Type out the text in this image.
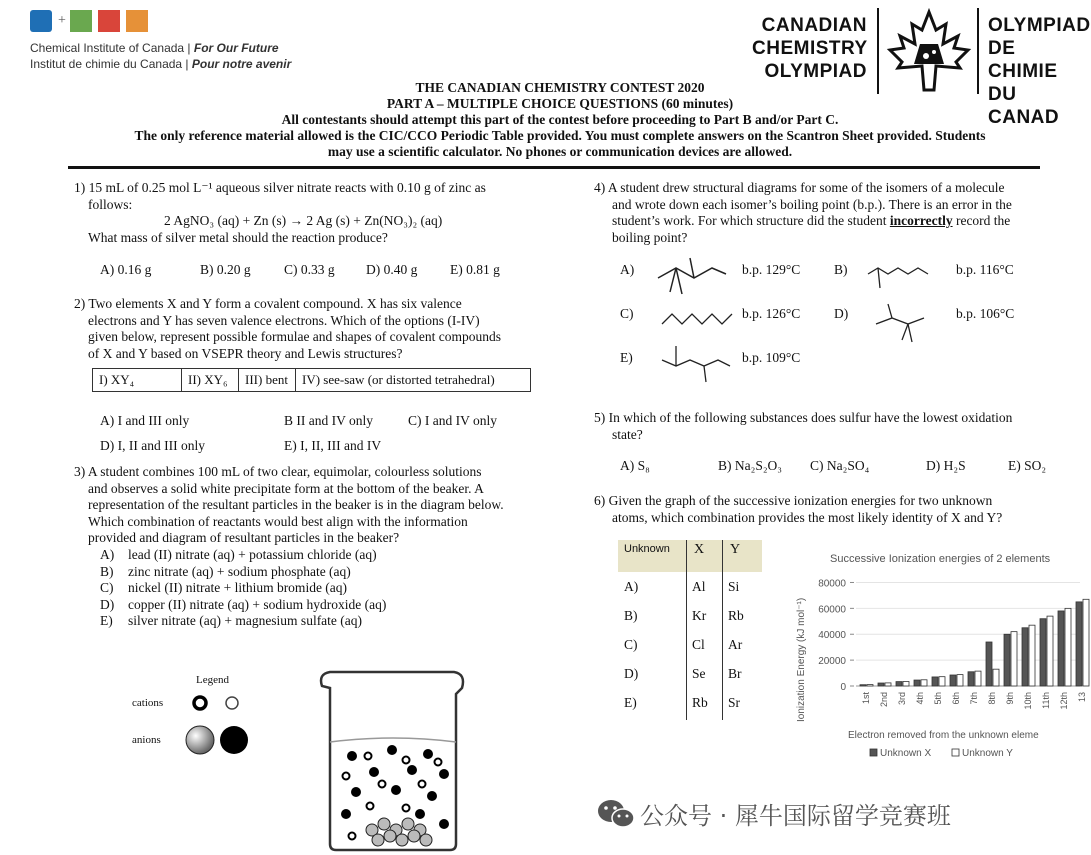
+
Chemical Institute of Canada | For Our Future
Institut de chimie du Canada | Pour notre avenir
CANADIAN
CHEMISTRY
OLYMPIAD
OLYMPIAD
DE CHIMIE
DU CANAD
THE CANADIAN CHEMISTRY CONTEST 2020
PART A – MULTIPLE CHOICE QUESTIONS (60 minutes)
All contestants should attempt this part of the contest before proceeding to Part B and/or Part C.
The only reference material allowed is the CIC/CCO Periodic Table provided. You must complete answers on the Scantron Sheet provided. Students
may use a scientific calculator. No phones or communication devices are allowed.
1) 15 mL of 0.25 mol L⁻¹ aqueous silver nitrate reacts with 0.10 g of zinc as
follows:
2 AgNO₃ (aq) + Zn (s) → 2 Ag (s) + Zn(NO₃)₂ (aq)
What mass of silver metal should the reaction produce?
A) 0.16 g	B) 0.20 g C) 0.33 g D) 0.40 g E) 0.81 g
2) Two elements X and Y form a covalent compound. X has six valence
electrons and Y has seven valence electrons. Which of the options (I-IV)
given below, represent possible formulae and shapes of covalent compounds
of X and Y based on VSEPR theory and Lewis structures?
I) XY₄	II) XY₆	III) bent	IV) see-saw (or distorted tetrahedral)
A) I and III only	B II and IV only	C) I and IV only
D) I, II and III only	E) I, II, III and IV
3) A student combines 100 mL of two clear, equimolar, colourless solutions
and observes a solid white precipitate form at the bottom of the beaker. A
representation of the resultant particles in the beaker is in the diagram below.
Which combination of reactants would best align with the information
provided and diagram of resultant particles in the beaker?
A) lead (II) nitrate (aq) + potassium chloride (aq)
B) zinc nitrate (aq) + sodium phosphate (aq)
C) nickel (II) nitrate + lithium bromide (aq)
D) copper (II) nitrate (aq) + sodium hydroxide (aq)
E) silver nitrate (aq) + magnesium sulfate (aq)
Legend
cations
anions
4) A student drew structural diagrams for some of the isomers of a molecule
and wrote down each isomer’s boiling point (b.p.). There is an error in the
student’s work. For which structure did the student incorrectly record the
boiling point?
A)	b.p. 129°C B)	b.p. 116°C
C)	b.p. 126°C D)	b.p. 106°C
E)	b.p. 109°C
5) In which of the following substances does sulfur have the lowest oxidation
state?
A) S₈	B) Na₂S₂O₃ C) Na₂SO₄	D) H₂S	E) SO₂
6) Given the graph of the successive ionization energies for two unknown
atoms, which combination provides the most likely identity of X and Y?
Unknown X Y
A)	Al	Si
B)	Kr	Rb
C)	Cl	Ar
D)	Se	Br
E)	Rb	Sr
Successive Ionization energies of 2 elements
Ionization Energy (kJ mol⁻¹)
Electron removed from the unknown eleme
0
20000
40000
60000
80000
1st 2nd 3rd 4th 5th 6th 7th 8th 9th 10th 11th 12th 13
Unknown X	Unknown Y
公众号 · 犀牛国际留学竞赛班
